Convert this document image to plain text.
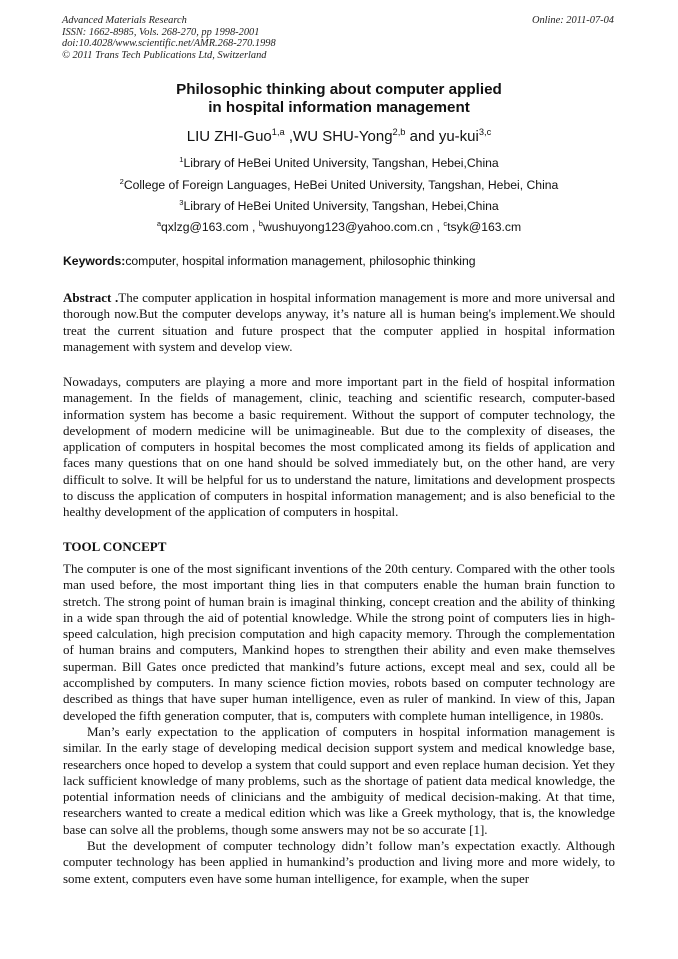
Advanced Materials Research
ISSN: 1662-8985, Vols. 268-270, pp 1998-2001
doi:10.4028/www.scientific.net/AMR.268-270.1998
© 2011 Trans Tech Publications Ltd, Switzerland
Online: 2011-07-04
Philosophic thinking about computer applied
in hospital information management
LIU ZHI-Guo$^{1,a}$ ,WU SHU-Yong$^{2,b}$ and yu-kui$^{3,c}$
$^1$Library of HeBei United University, Tangshan, Hebei,China
$^2$College of Foreign Languages, HeBei United University, Tangshan, Hebei, China
$^3$Library of HeBei United University, Tangshan, Hebei,China
$^a$qxlzg@163.com , $^b$wushuyong123@yahoo.com.cn , $^c$tsyk@163.cm
Keywords:computer, hospital information management, philosophic thinking

Abstract .The computer application in hospital information management is more and more universal and thorough now.But the computer develops anyway, it’s nature all is human being's implement.We should treat the current situation and future prospect that the computer applied in hospital information management with system and develop view.

Nowadays, computers are playing a more and more important part in the field of hospital information management. In the fields of management, clinic, teaching and scientific research, computer-based information system has become a basic requirement. Without the support of computer technology, the development of modern medicine will be unimagineable. But due to the complexity of diseases, the application of computers in hospital becomes the most complicated among its fields of application and faces many questions that on one hand should be solved immediately but, on the other hand, are very difficult to solve. It will be helpful for us to understand the nature, limitations and development prospects to discuss the application of computers in hospital information management; and is also beneficial to the healthy development of the application of computers in hospital.

TOOL CONCEPT

The computer is one of the most significant inventions of the 20th century. Compared with the other tools man used before, the most important thing lies in that computers enable the human brain function to stretch. The strong point of human brain is imaginal thinking, concept creation and the ability of thinking in a wide span through the aid of potential knowledge. While the strong point of computers lies in high-speed calculation, high precision computation and high capacity memory. Through the complementation of human brains and computers, Mankind hopes to strengthen their ability and even make themselves superman. Bill Gates once predicted that mankind’s future actions, except meal and sex, could all be accomplished by computers. In many science fiction movies, robots based on computer technology are described as things that have super human intelligence, even as ruler of mankind. In view of this, Japan developed the fifth generation computer, that is, computers with complete human intelligence, in 1980s.

Man’s early expectation to the application of computers in hospital information management is similar. In the early stage of developing medical decision support system and medical knowledge base, researchers once hoped to develop a system that could support and even replace human decision. Yet they lack sufficient knowledge of many problems, such as the shortage of patient data medical knowledge, the potential information needs of clinicians and the ambiguity of medical decision-making. At that time, researchers wanted to create a medical edition which was like a Greek mythology, that is, the knowledge base can solve all the problems, though some answers may not be so accurate [1].

But the development of computer technology didn’t follow man’s expectation exactly. Although computer technology has been applied in humankind’s production and living more and more widely, to some extent, computers even have some human intelligence, for example, when the super
